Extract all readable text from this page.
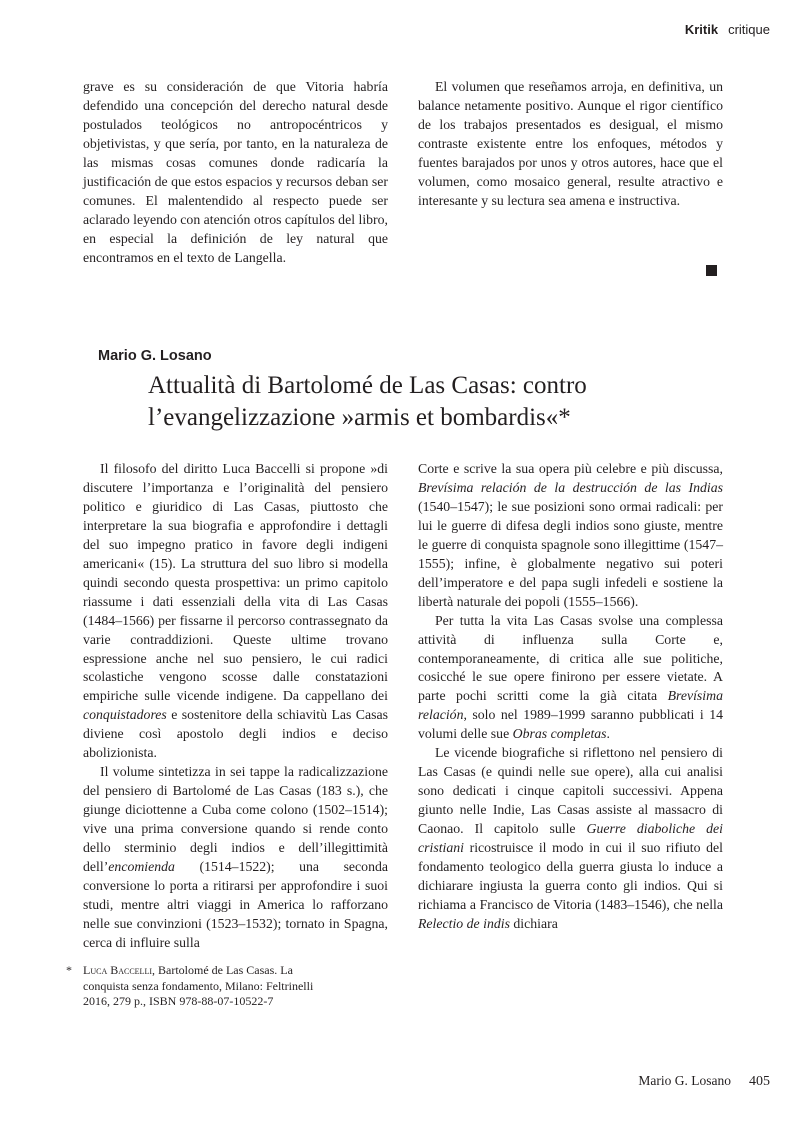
Kritik critique

grave es su consideración de que Vitoria habría defendido una concepción del derecho natural desde postulados teológicos no antropocéntricos y objetivistas, y que sería, por tanto, en la naturaleza de las mismas cosas comunes donde radicaría la justificación de que estos espacios y recursos deban ser comunes. El malentendido al respecto puede ser aclarado leyendo con atención otros capítulos del libro, en especial la definición de ley natural que encontramos en el texto de Langella.

El volumen que reseñamos arroja, en definitiva, un balance netamente positivo. Aunque el rigor científico de los trabajos presentados es desigual, el mismo contraste existente entre los enfoques, métodos y fuentes barajados por unos y otros autores, hace que el volumen, como mosaico general, resulte atractivo e interesante y su lectura sea amena e instructiva.

Mario G. Losano
Attualità di Bartolomé de Las Casas: contro l’evangelizzazione »armis et bombardis«*

Il filosofo del diritto Luca Baccelli si propone »di discutere l’importanza e l’originalità del pensiero politico e giuridico di Las Casas, piuttosto che interpretare la sua biografia e approfondire i dettagli del suo impegno pratico in favore degli indigeni americani« (15). La struttura del suo libro si modella quindi secondo questa prospettiva: un primo capitolo riassume i dati essenziali della vita di Las Casas (1484–1566) per fissarne il percorso contrassegnato da varie contraddizioni. Queste ultime trovano espressione anche nel suo pensiero, le cui radici scolastiche vengono scosse dalle constatazioni empiriche sulle vicende indigene. Da cappellano dei conquistadores e sostenitore della schiavitù Las Casas diviene così apostolo degli indios e deciso abolizionista.

Il volume sintetizza in sei tappe la radicalizzazione del pensiero di Bartolomé de Las Casas (183 s.), che giunge diciottenne a Cuba come colono (1502–1514); vive una prima conversione quando si rende conto dello sterminio degli indios e dell’illegittimità dell’encomienda (1514–1522); una seconda conversione lo porta a ritirarsi per approfondire i suoi studi, mentre altri viaggi in America lo rafforzano nelle sue convinzioni (1523–1532); tornato in Spagna, cerca di influire sulla

Corte e scrive la sua opera più celebre e più discussa, Brevísima relación de la destrucción de las Indias (1540–1547); le sue posizioni sono ormai radicali: per lui le guerre di difesa degli indios sono giuste, mentre le guerre di conquista spagnole sono illegittime (1547–1555); infine, è globalmente negativo sui poteri dell’imperatore e del papa sugli infedeli e sostiene la libertà naturale dei popoli (1555–1566).

Per tutta la vita Las Casas svolse una complessa attività di influenza sulla Corte e, contemporaneamente, di critica alle sue politiche, cosicché le sue opere finirono per essere vietate. A parte pochi scritti come la già citata Brevísima relación, solo nel 1989–1999 saranno pubblicati i 14 volumi delle sue Obras completas.

Le vicende biografiche si riflettono nel pensiero di Las Casas (e quindi nelle sue opere), alla cui analisi sono dedicati i cinque capitoli successivi. Appena giunto nelle Indie, Las Casas assiste al massacro di Caonao. Il capitolo sulle Guerre diaboliche dei cristiani ricostruisce il modo in cui il suo rifiuto del fondamento teologico della guerra giusta lo induce a dichiarare ingiusta la guerra conto gli indios. Qui si richiama a Francisco de Vitoria (1483–1546), che nella Relectio de indis dichiara

* Luca Baccelli, Bartolomé de Las Casas. La conquista senza fondamento, Milano: Feltrinelli 2016, 279 p., ISBN 978-88-07-10522-7
Mario G. Losano 405
